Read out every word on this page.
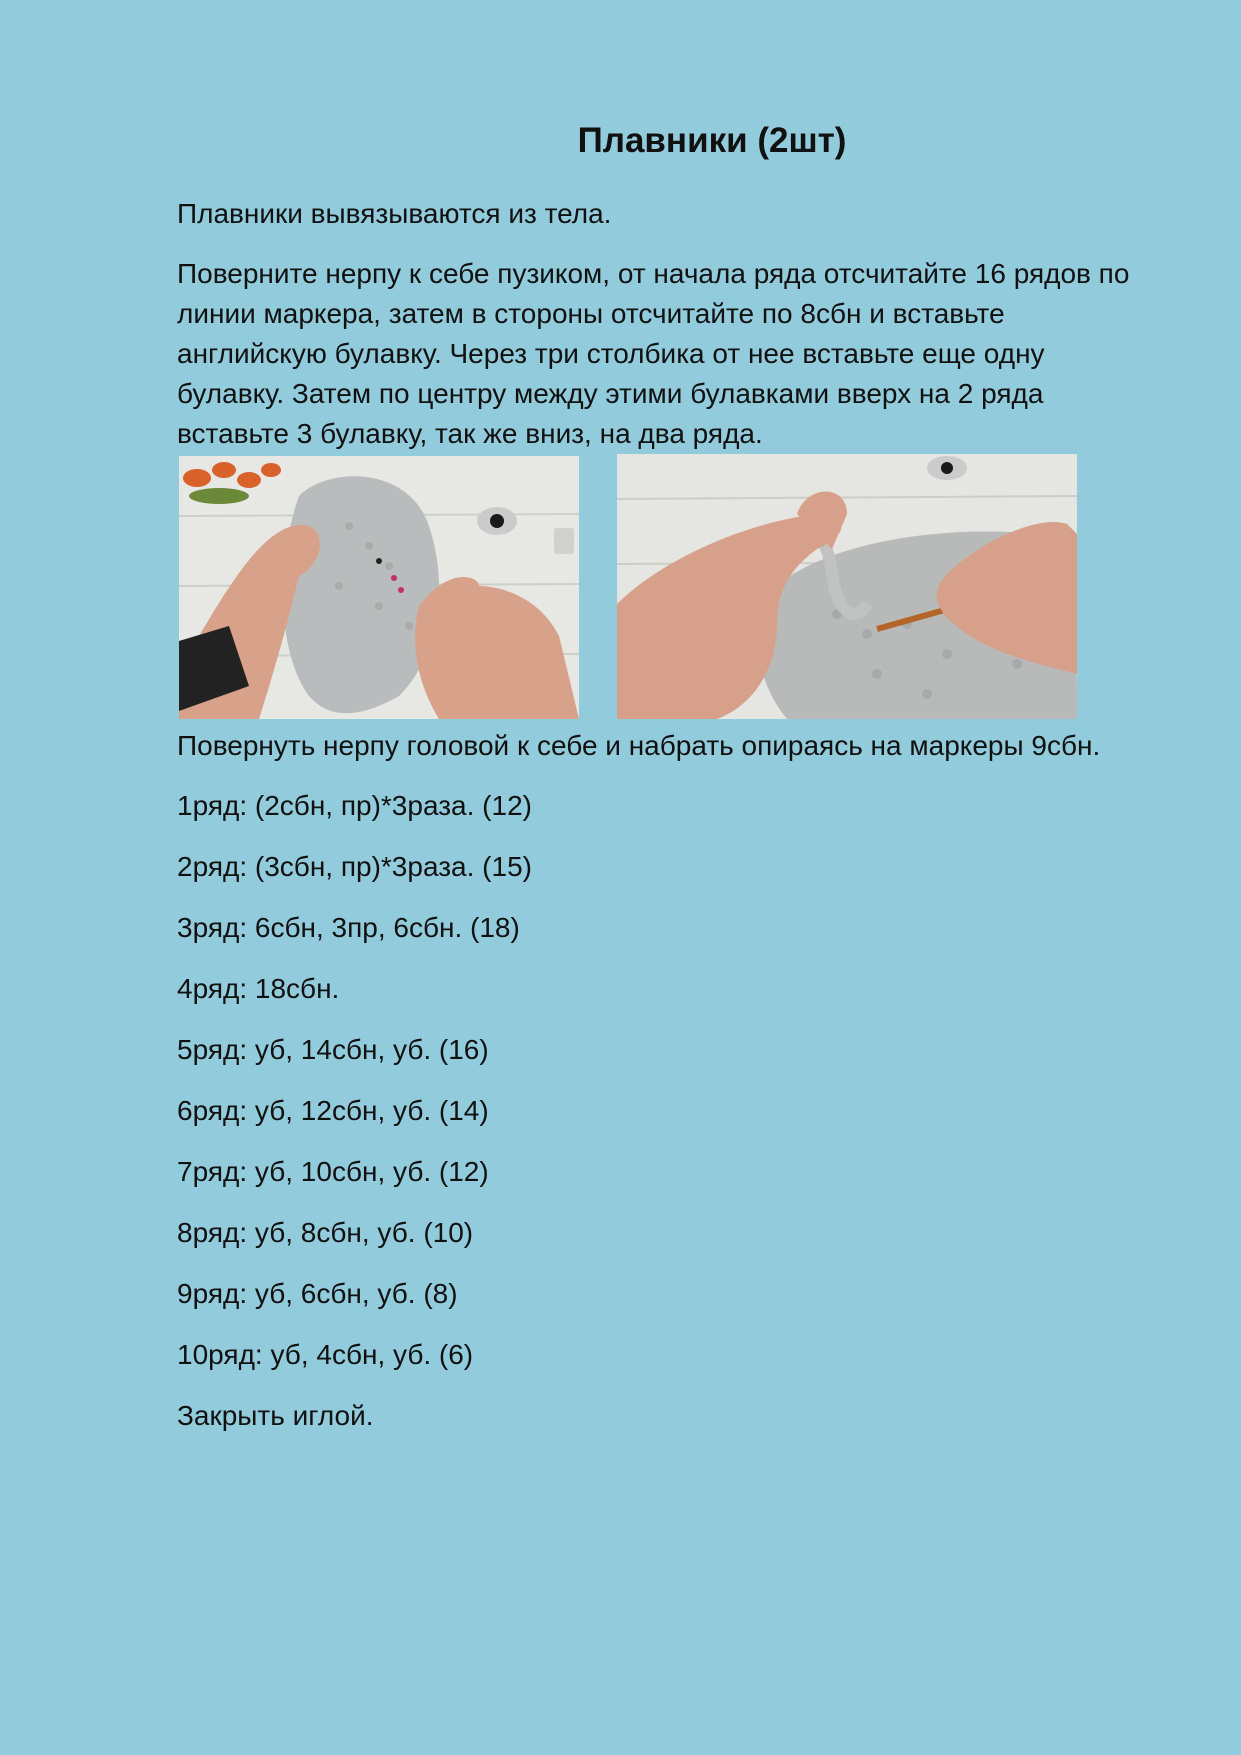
Плавники (2шт)

Плавники вывязываются из тела.

Поверните нерпу к себе пузиком, от начала ряда отсчитайте 16 рядов по линии маркера, затем в стороны отсчитайте по 8сбн и вставьте английскую булавку. Через три столбика от нее вставьте еще одну булавку. Затем по центру между этими булавками вверх на 2 ряда вставьте 3 булавку, так же вниз, на два ряда.

Повернуть нерпу головой к себе и набрать опираясь на маркеры 9сбн.

1ряд: (2сбн, пр)*3раза. (12)

2ряд: (3сбн, пр)*3раза. (15)

3ряд: 6сбн, 3пр, 6сбн. (18)

4ряд: 18сбн.

5ряд: уб, 14сбн, уб. (16)

6ряд: уб, 12сбн, уб. (14)

7ряд: уб, 10сбн, уб. (12)

8ряд: уб, 8сбн, уб. (10)

9ряд: уб, 6сбн, уб. (8)

10ряд: уб, 4сбн, уб. (6)

Закрыть иглой.
